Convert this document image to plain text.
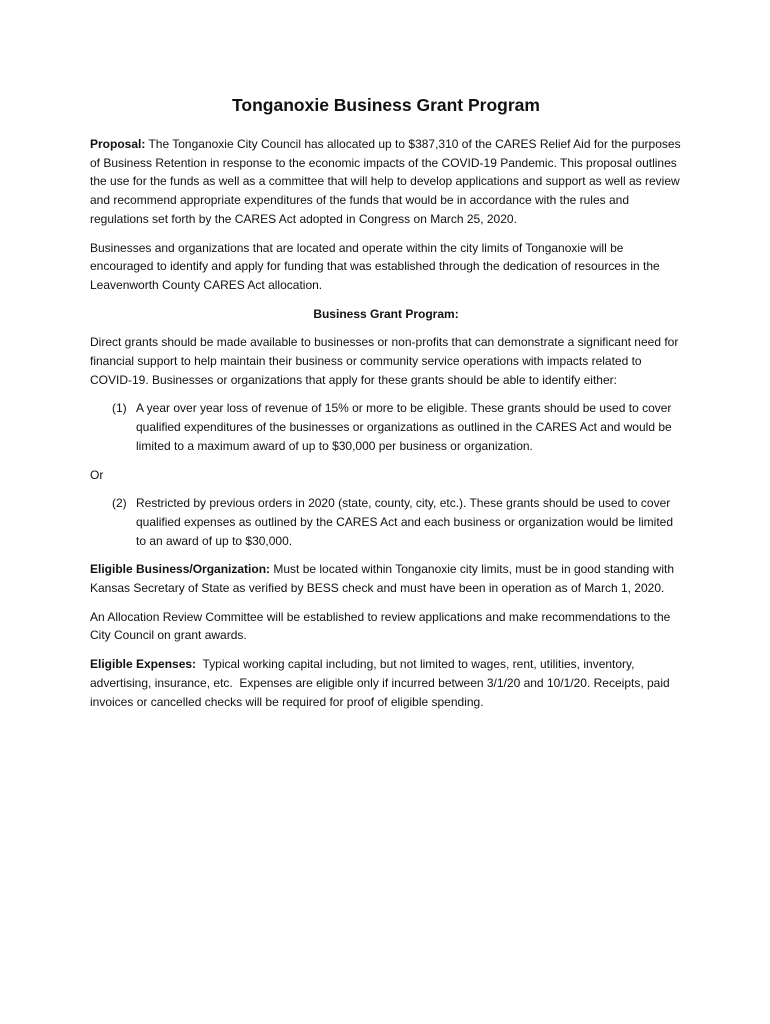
Tonganoxie Business Grant Program

Proposal: The Tonganoxie City Council has allocated up to $387,310 of the CARES Relief Aid for the purposes of Business Retention in response to the economic impacts of the COVID-19 Pandemic. This proposal outlines the use for the funds as well as a committee that will help to develop applications and support as well as review and recommend appropriate expenditures of the funds that would be in accordance with the rules and regulations set forth by the CARES Act adopted in Congress on March 25, 2020.

Businesses and organizations that are located and operate within the city limits of Tonganoxie will be encouraged to identify and apply for funding that was established through the dedication of resources in the Leavenworth County CARES Act allocation.

Business Grant Program:

Direct grants should be made available to businesses or non-profits that can demonstrate a significant need for financial support to help maintain their business or community service operations with impacts related to COVID-19. Businesses or organizations that apply for these grants should be able to identify either:

(1) A year over year loss of revenue of 15% or more to be eligible. These grants should be used to cover qualified expenditures of the businesses or organizations as outlined in the CARES Act and would be limited to a maximum award of up to $30,000 per business or organization.

Or

(2) Restricted by previous orders in 2020 (state, county, city, etc.). These grants should be used to cover qualified expenses as outlined by the CARES Act and each business or organization would be limited to an award of up to $30,000.

Eligible Business/Organization: Must be located within Tonganoxie city limits, must be in good standing with Kansas Secretary of State as verified by BESS check and must have been in operation as of March 1, 2020.

An Allocation Review Committee will be established to review applications and make recommendations to the City Council on grant awards.

Eligible Expenses:  Typical working capital including, but not limited to wages, rent, utilities, inventory, advertising, insurance, etc.  Expenses are eligible only if incurred between 3/1/20 and 10/1/20. Receipts, paid invoices or cancelled checks will be required for proof of eligible spending.
